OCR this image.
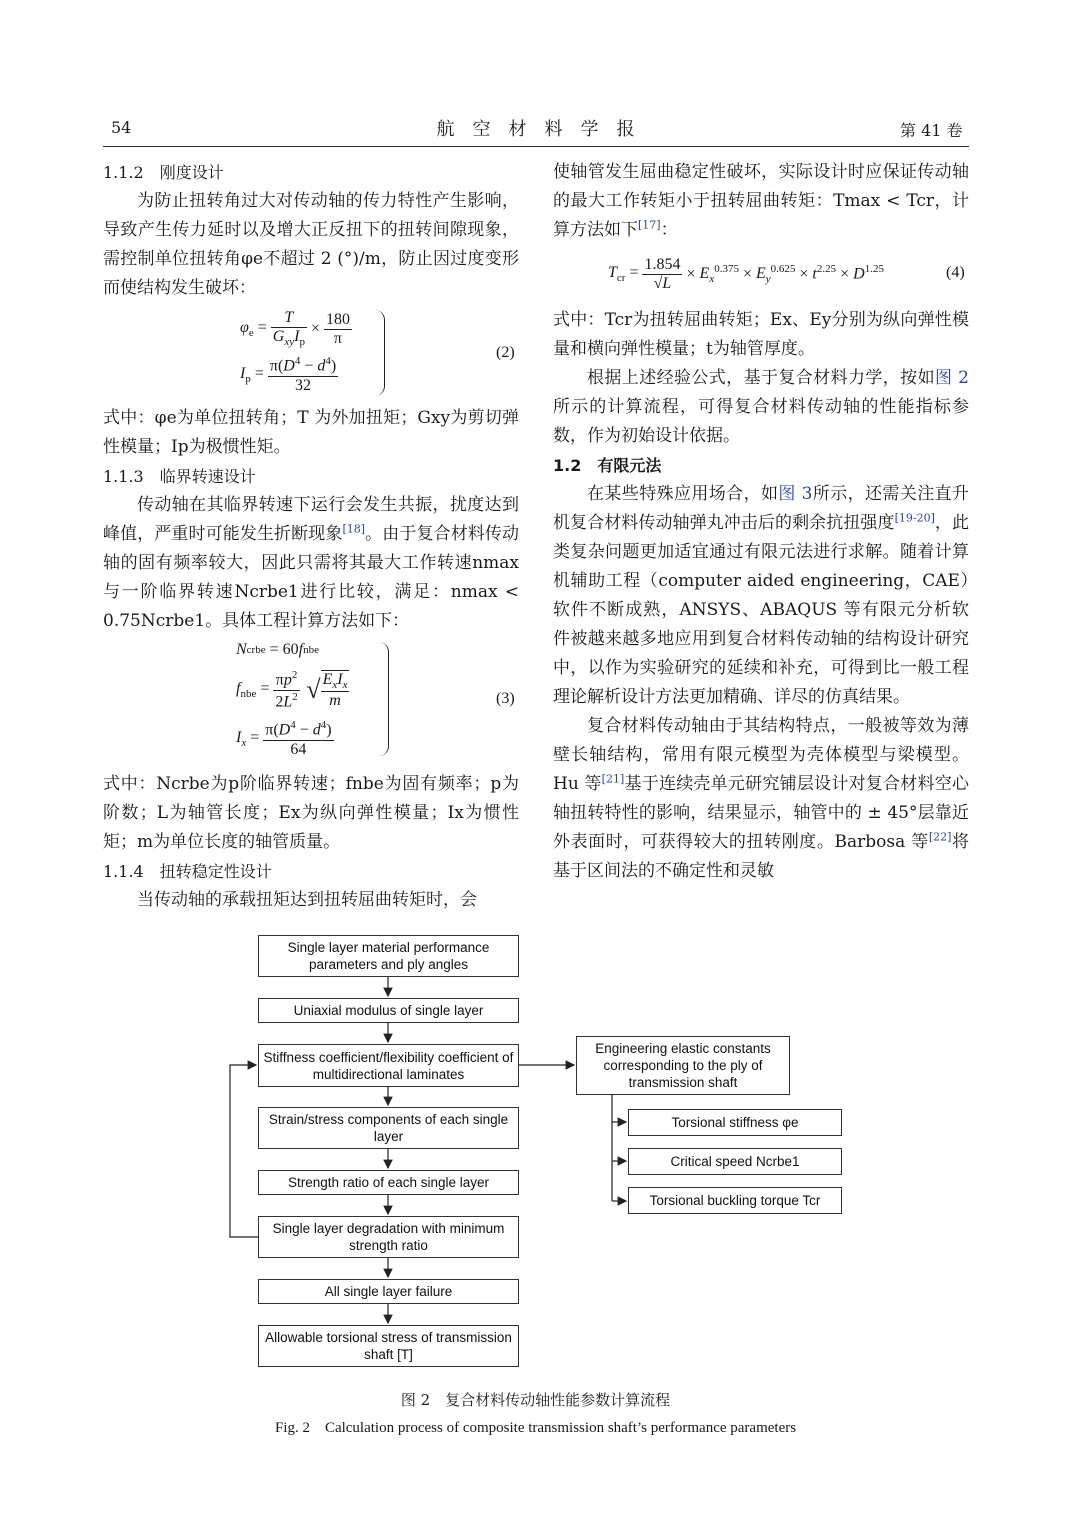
54	航　空　材　料　学　报	第 41 卷

1.1.2　刚度设计

为防止扭转角过大对传动轴的传力特性产生影响，导致产生传力延时以及增大正反扭下的扭转间隙现象，需控制单位扭转角φe不超过 2 (°)/m，防止因过度变形而使结构发生破坏：

$\varphi_e = \frac{T}{G_{xy}I_p} \times \frac{180}{\pi}$
$I_p = \frac{\pi(D^4 - d^4)}{32}$
(2)

式中：φe为单位扭转角；T 为外加扭矩；Gxy为剪切弹性模量；Ip为极惯性矩。

1.1.3　临界转速设计

传动轴在其临界转速下运行会发生共振，扰度达到峰值，严重时可能发生折断现象[18]。由于复合材料传动轴的固有频率较大，因此只需将其最大工作转速nmax与一阶临界转速Ncrbe1进行比较，满足：nmax < 0.75Ncrbe1。具体工程计算方法如下：

N crbe = 60 f nbe
$f_{nbe} = \frac{\pi p^2}{2L^2}$ √ $\frac{E_xI_x}{m}$
$I_x = \frac{\pi(D^4 - d^4)}{64}$
(3)

式中：Ncrbe为p阶临界转速；fnbe为固有频率；p为阶数；L为轴管长度；Ex为纵向弹性模量；Ix为惯性矩；m为单位长度的轴管质量。

1.1.4　扭转稳定性设计

当传动轴的承载扭矩达到扭转屈曲转矩时，会

使轴管发生屈曲稳定性破坏，实际设计时应保证传动轴的最大工作转矩小于扭转屈曲转矩：Tmax < Tcr，计算方法如下[17]：

$T_{cr} = \frac{1.854}{√L} \times E_x^{0.375} \times E_y^{0.625} \times t^{2.25} \times D^{1.25}$	(4)

式中：Tcr为扭转屈曲转矩；Ex、Ey分别为纵向弹性模量和横向弹性模量；t为轴管厚度。

根据上述经验公式，基于复合材料力学，按如图 2所示的计算流程，可得复合材料传动轴的性能指标参数，作为初始设计依据。

1.2　有限元法

在某些特殊应用场合，如图 3所示，还需关注直升机复合材料传动轴弹丸冲击后的剩余抗扭强度[19-20]，此类复杂问题更加适宜通过有限元法进行求解。随着计算机辅助工程（computer aided engineering，CAE）软件不断成熟，ANSYS、ABAQUS 等有限元分析软件被越来越多地应用到复合材料传动轴的结构设计研究中，以作为实验研究的延续和补充，可得到比一般工程理论解析设计方法更加精确、详尽的仿真结果。

复合材料传动轴由于其结构特点，一般被等效为薄壁长轴结构，常用有限元模型为壳体模型与梁模型。Hu 等[21]基于连续壳单元研究铺层设计对复合材料空心轴扭转特性的影响，结果显示，轴管中的 ± 45°层靠近外表面时，可获得较大的扭转刚度。Barbosa 等[22]将基于区间法的不确定性和灵敏

Single layer material performance parameters and ply angles
Uniaxial modulus of single layer
Stiffness coefficient/flexibility coefficient of multidirectional laminates
Strain/stress components of each single layer
Strength ratio of each single layer
Single layer degradation with minimum strength ratio
All single layer failure
Allowable torsional stress of transmission shaft [T]
Engineering elastic constants corresponding to the ply of transmission shaft
Torsional stiffness φe
Critical speed Ncrbe1
Torsional buckling torque Tcr
图 2　复合材料传动轴性能参数计算流程
Fig. 2　Calculation process of composite transmission shaft’s performance parameters
